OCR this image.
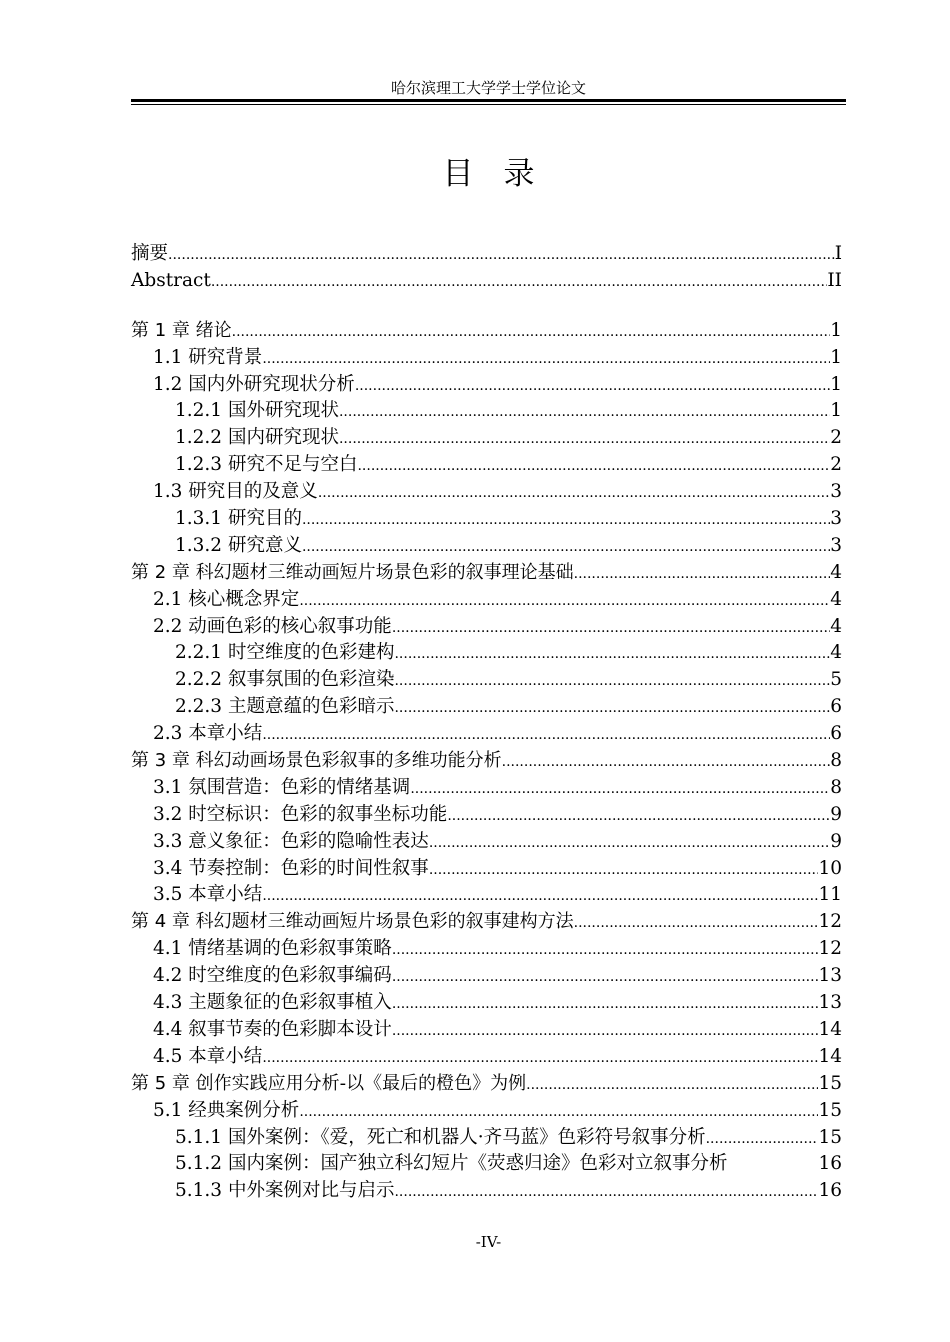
哈尔滨理工大学学士学位论文
目录
摘要 .....	I
Abstract .....	II
第 1 章 绪论 .....	1
1.1 研究背景 .....	1
1.2 国内外研究现状分析 .....	1
1.2.1 国外研究现状 .....	1
1.2.2 国内研究现状 .....	2
1.2.3 研究不足与空白 .....	2
1.3 研究目的及意义 .....	3
1.3.1 研究目的 .....	3
1.3.2 研究意义 .....	3
第 2 章 科幻题材三维动画短片场景色彩的叙事理论基础 .....	4
2.1 核心概念界定 .....	4
2.2 动画色彩的核心叙事功能 .....	4
2.2.1 时空维度的色彩建构 .....	4
2.2.2 叙事氛围的色彩渲染 .....	5
2.2.3 主题意蕴的色彩暗示 .....	6
2.3 本章小结 .....	6
第 3 章 科幻动画场景色彩叙事的多维功能分析 .....	8
3.1 氛围营造：色彩的情绪基调 .....	8
3.2 时空标识：色彩的叙事坐标功能 .....	9
3.3 意义象征：色彩的隐喻性表达 .....	9
3.4 节奏控制：色彩的时间性叙事 .....	10
3.5 本章小结 .....	11
第 4 章 科幻题材三维动画短片场景色彩的叙事建构方法 .....	12
4.1 情绪基调的色彩叙事策略 .....	12
4.2 时空维度的色彩叙事编码 .....	13
4.3 主题象征的色彩叙事植入 .....	13
4.4 叙事节奏的色彩脚本设计 .....	14
4.5 本章小结 .....	14
第 5 章 创作实践应用分析-以《最后的橙色》为例 .....	15
5.1 经典案例分析 .....	15
5.1.1 国外案例：《爱，死亡和机器人·齐马蓝》色彩符号叙事分析 .....	15
5.1.2 国内案例：国产独立科幻短片《荧惑归途》色彩对立叙事分析	16
5.1.3 中外案例对比与启示 .....	16
-IV-
